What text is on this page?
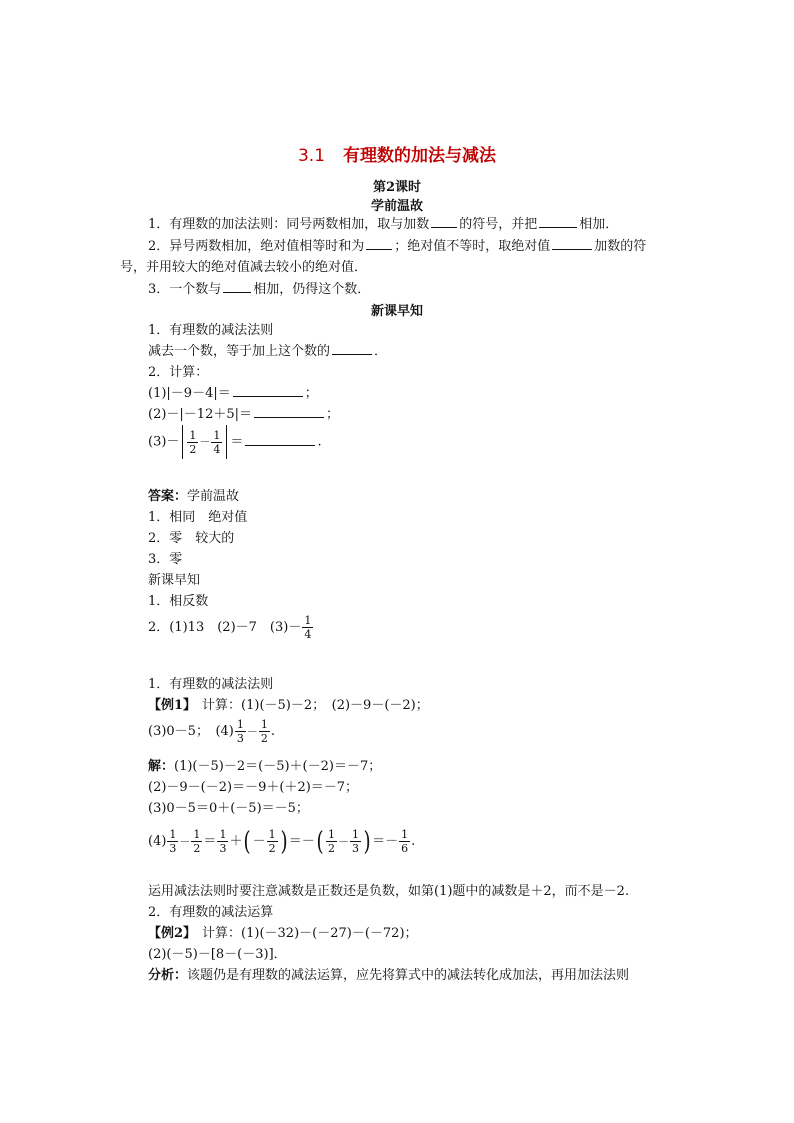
3.1 有理数的加法与减法
第2课时
学前温故
1．有理数的加法法则：同号两数相加，取与加数 的符号，并把	相加．
2．异号两数相加，绝对值相等时和为 ；绝对值不等时，取绝对值	加数的符
号，并用较大的绝对值减去较小的绝对值．
3．一个数与 相加，仍得这个数．
新课早知
1．有理数的减法法则
减去一个数，等于加上这个数的	．
2．计算：
(1)|－9－4|＝	；
(2)－|－12＋5|＝	；
$(3)- \frac{1}{2} - \frac{1}{4}$ ＝	.
答案：学前温故
1．相同　绝对值
2．零　较大的
3．零
新课早知
1．相反数
2．(1)13　(2)－7　$(3)- \frac{1}{4}$
1．有理数的减法法则
【例1】 计算：(1)(－5)－2；　(2)－9－(－2)；
(3)0－5；　$(4) \frac{1}{3} - \frac{1}{2}$ .
解：(1)(－5)－2＝(－5)＋(－2)＝－7；
(2)－9－(－2)＝－9＋(＋2)＝－7；
(3)0－5＝0＋(－5)＝－5；
$(4) \frac{1}{3} - \frac{1}{2} = \frac{1}{3}$ ＋( － $\frac{1}{2}$ ) ＝－( $\frac{1}{2} - \frac{1}{3}$ ) ＝－ $\frac{1}{6}$ .
运用减法法则时要注意减数是正数还是负数，如第(1)题中的减数是＋2，而不是－2.
2．有理数的减法运算
【例2】 计算：(1)(－32)－(－27)－(－72)；
(2)(－5)－[8－(－3)]．
分析：该题仍是有理数的减法运算，应先将算式中的减法转化成加法，再用加法法则
